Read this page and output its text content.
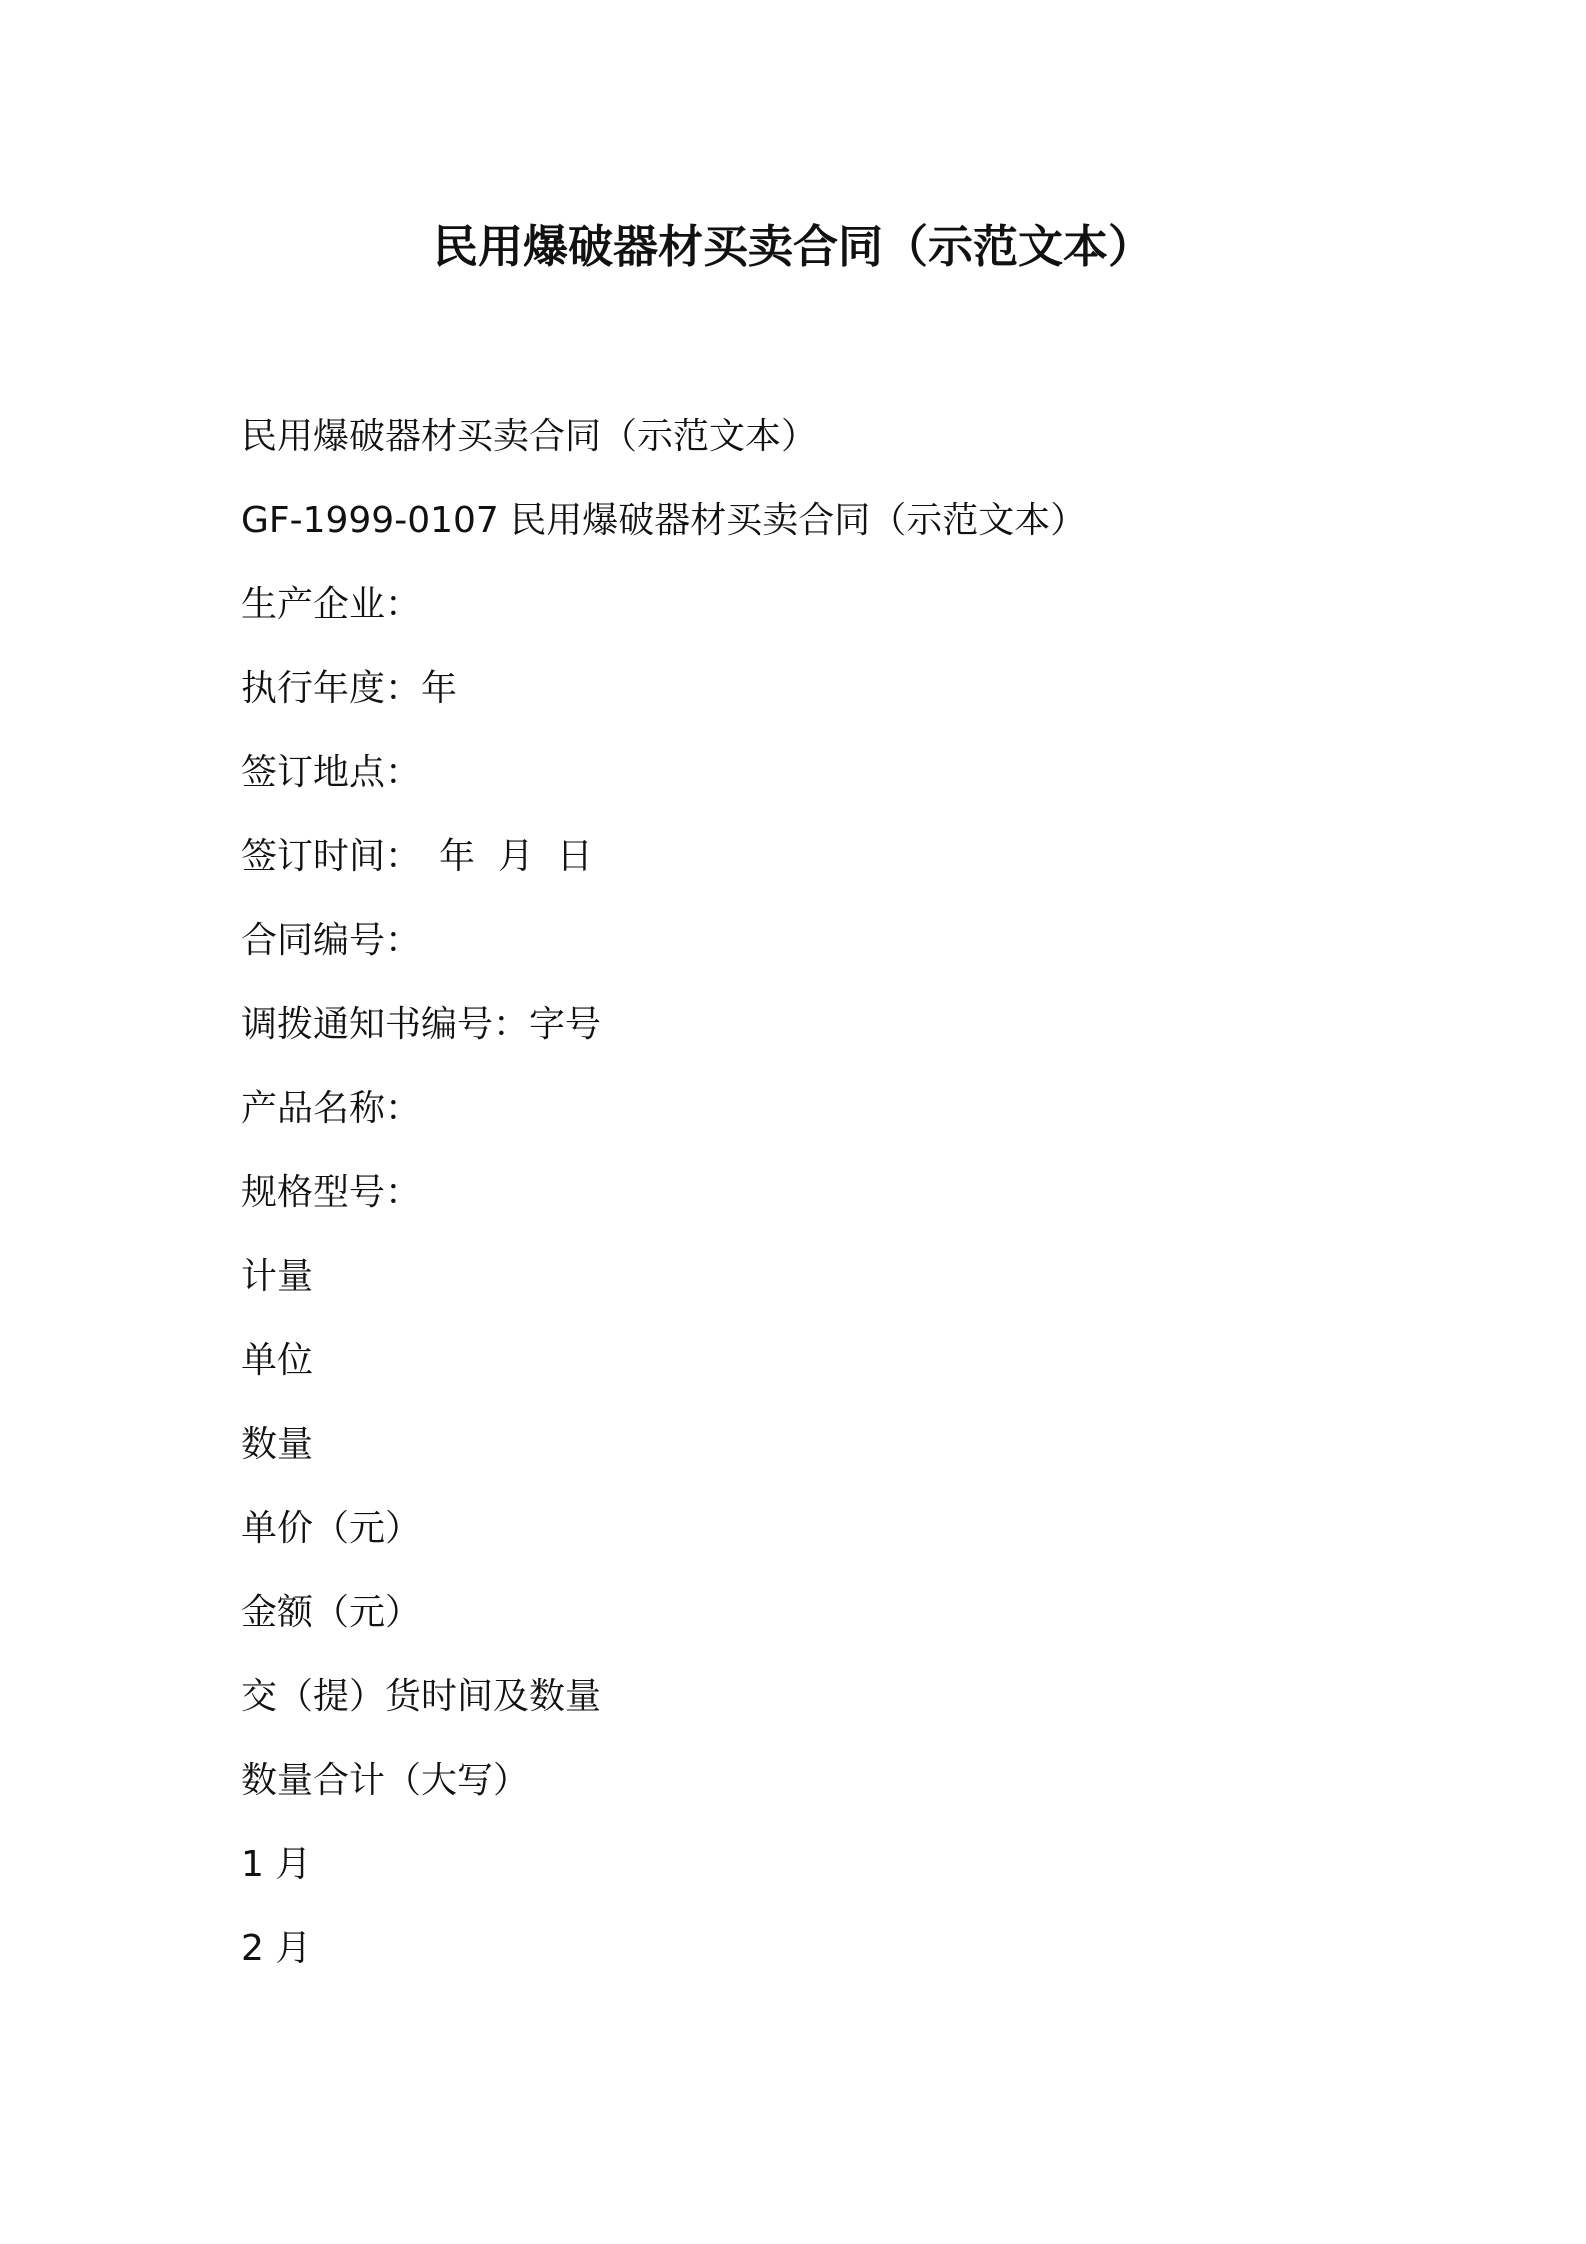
民用爆破器材买卖合同（示范文本）
民用爆破器材买卖合同（示范文本）
GF-1999-0107 民用爆破器材买卖合同（示范文本）
生产企业：
执行年度：年
签订地点：
签订时间：　年  月  日
合同编号：
调拨通知书编号：字号
产品名称：
规格型号：
计量
单位
数量
单价（元）
金额（元）
交（提）货时间及数量
数量合计（大写）
1 月
2 月
